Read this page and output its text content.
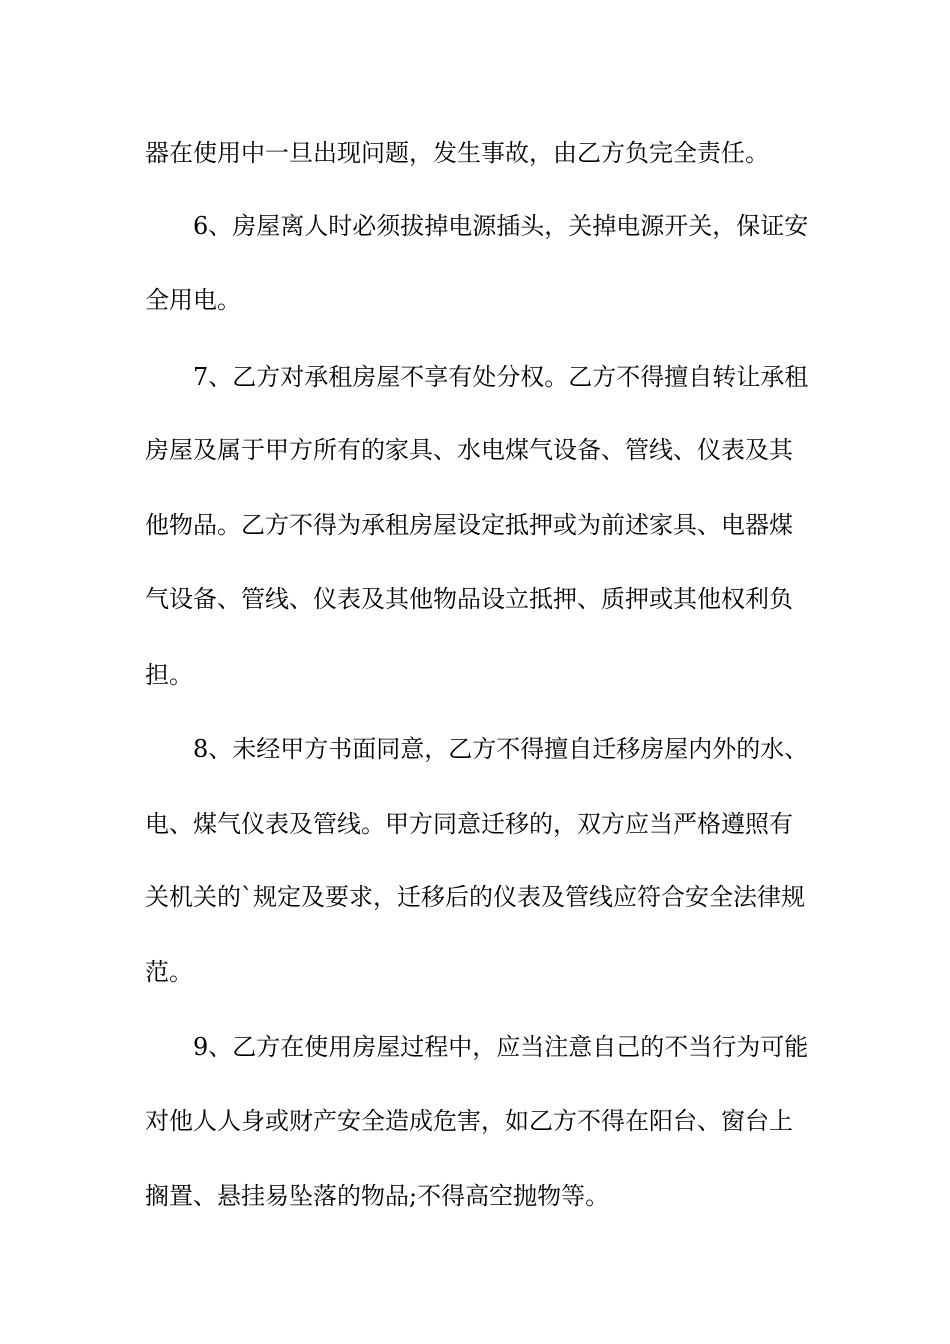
器在使用中一旦出现问题，发生事故，由乙方负完全责任。
6、房屋离人时必须拔掉电源插头，关掉电源开关，保证安
全用电。
7、乙方对承租房屋不享有处分权。乙方不得擅自转让承租
房屋及属于甲方所有的家具、水电煤气设备、管线、仪表及其
他物品。乙方不得为承租房屋设定抵押或为前述家具、电器煤
气设备、管线、仪表及其他物品设立抵押、质押或其他权利负
担。
8、未经甲方书面同意，乙方不得擅自迁移房屋内外的水、
电、煤气仪表及管线。甲方同意迁移的，双方应当严格遵照有
关机关的`规定及要求，迁移后的仪表及管线应符合安全法律规
范。
9、乙方在使用房屋过程中，应当注意自己的不当行为可能
对他人人身或财产安全造成危害，如乙方不得在阳台、窗台上
搁置、悬挂易坠落的物品;不得高空抛物等。
